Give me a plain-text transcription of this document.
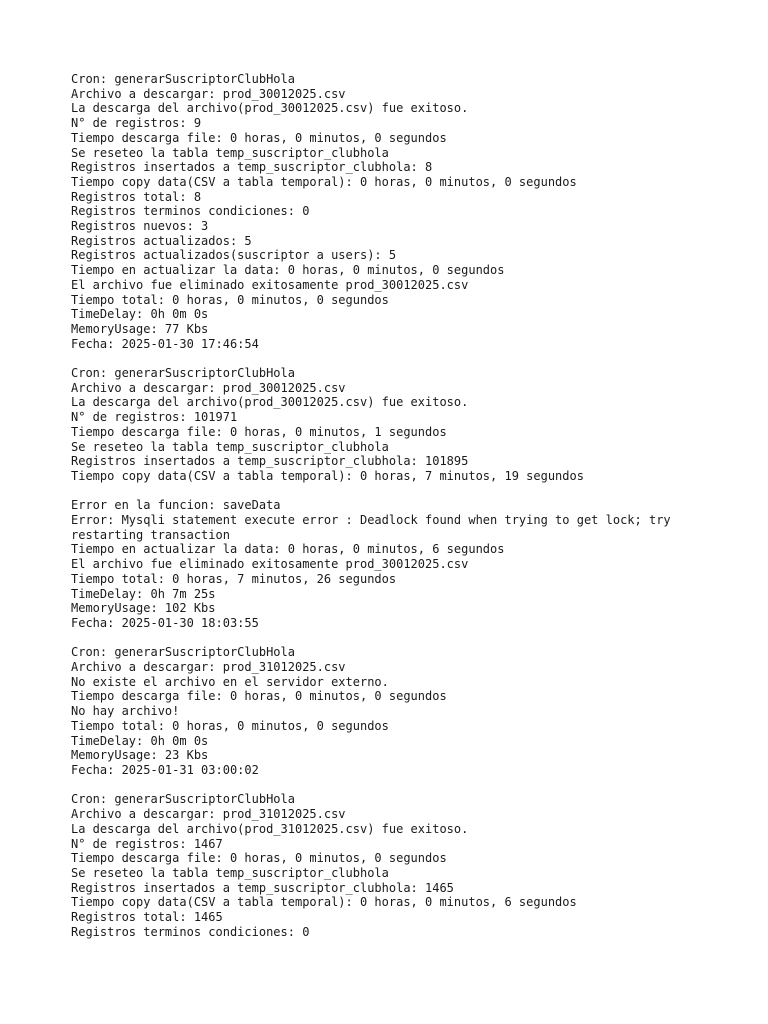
Cron: generarSuscriptorClubHola
Archivo a descargar: prod_30012025.csv
La descarga del archivo(prod_30012025.csv) fue exitoso.
N° de registros: 9
Tiempo descarga file: 0 horas, 0 minutos, 0 segundos
Se reseteo la tabla temp_suscriptor_clubhola
Registros insertados a temp_suscriptor_clubhola: 8
Tiempo copy data(CSV a tabla temporal): 0 horas, 0 minutos, 0 segundos
Registros total: 8
Registros terminos condiciones: 0
Registros nuevos: 3
Registros actualizados: 5
Registros actualizados(suscriptor a users): 5
Tiempo en actualizar la data: 0 horas, 0 minutos, 0 segundos
El archivo fue eliminado exitosamente prod_30012025.csv
Tiempo total: 0 horas, 0 minutos, 0 segundos
TimeDelay: 0h 0m 0s
MemoryUsage: 77 Kbs
Fecha: 2025-01-30 17:46:54
Cron: generarSuscriptorClubHola
Archivo a descargar: prod_30012025.csv
La descarga del archivo(prod_30012025.csv) fue exitoso.
N° de registros: 101971
Tiempo descarga file: 0 horas, 0 minutos, 1 segundos
Se reseteo la tabla temp_suscriptor_clubhola
Registros insertados a temp_suscriptor_clubhola: 101895
Tiempo copy data(CSV a tabla temporal): 0 horas, 7 minutos, 19 segundos
Error en la funcion: saveData
Error: Mysqli statement execute error : Deadlock found when trying to get lock; try restarting transaction
Tiempo en actualizar la data: 0 horas, 0 minutos, 6 segundos
El archivo fue eliminado exitosamente prod_30012025.csv
Tiempo total: 0 horas, 7 minutos, 26 segundos
TimeDelay: 0h 7m 25s
MemoryUsage: 102 Kbs
Fecha: 2025-01-30 18:03:55
Cron: generarSuscriptorClubHola
Archivo a descargar: prod_31012025.csv
No existe el archivo en el servidor externo.
Tiempo descarga file: 0 horas, 0 minutos, 0 segundos
No hay archivo!
Tiempo total: 0 horas, 0 minutos, 0 segundos
TimeDelay: 0h 0m 0s
MemoryUsage: 23 Kbs
Fecha: 2025-01-31 03:00:02
Cron: generarSuscriptorClubHola
Archivo a descargar: prod_31012025.csv
La descarga del archivo(prod_31012025.csv) fue exitoso.
N° de registros: 1467
Tiempo descarga file: 0 horas, 0 minutos, 0 segundos
Se reseteo la tabla temp_suscriptor_clubhola
Registros insertados a temp_suscriptor_clubhola: 1465
Tiempo copy data(CSV a tabla temporal): 0 horas, 0 minutos, 6 segundos
Registros total: 1465
Registros terminos condiciones: 0
